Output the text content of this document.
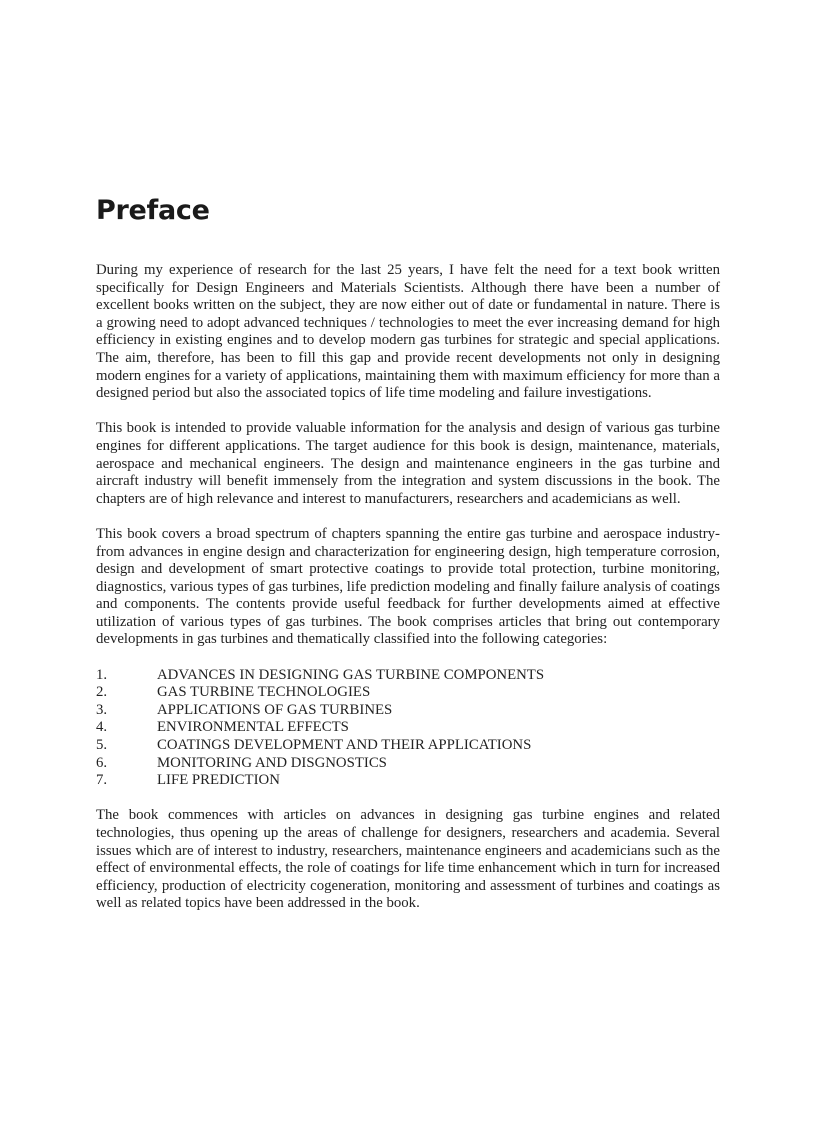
Preface

During my experience of research for the last 25 years, I have felt the need for a text book written specifically for Design Engineers and Materials Scientists. Although there have been a number of excellent books written on the subject, they are now either out of date or fundamental in nature. There is a growing need to adopt advanced techniques / technologies to meet the ever increasing demand for high efficiency in existing engines and to develop modern gas turbines for strategic and special applications. The aim, therefore, has been to fill this gap and provide recent developments not only in designing modern engines for a variety of applications, maintaining them with maximum efficiency for more than a designed period but also the associated topics of life time modeling and failure investigations.

This book is intended to provide valuable information for the analysis and design of various gas turbine engines for different applications. The target audience for this book is design, maintenance, materials, aerospace and mechanical engineers. The design and maintenance engineers in the gas turbine and aircraft industry will benefit immensely from the integration and system discussions in the book. The chapters are of high relevance and interest to manufacturers, researchers and academicians as well.

This book covers a broad spectrum of chapters spanning the entire gas turbine and aerospace industry- from advances in engine design and characterization for engineering design, high temperature corrosion, design and development of smart protective coatings to provide total protection, turbine monitoring, diagnostics, various types of gas turbines, life prediction modeling and finally failure analysis of coatings and components. The contents provide useful feedback for further developments aimed at effective utilization of various types of gas turbines. The book comprises articles that bring out contemporary developments in gas turbines and thematically classified into the following categories:

1.	ADVANCES IN DESIGNING GAS TURBINE COMPONENTS
2.	GAS TURBINE TECHNOLOGIES
3.	APPLICATIONS OF GAS TURBINES
4.	ENVIRONMENTAL EFFECTS
5.	COATINGS DEVELOPMENT AND THEIR APPLICATIONS
6.	MONITORING AND DISGNOSTICS
7.	LIFE PREDICTION

The book commences with articles on advances in designing gas turbine engines and related technologies, thus opening up the areas of challenge for designers, researchers and academia. Several issues which are of interest to industry, researchers, maintenance engineers and academicians such as the effect of environmental effects, the role of coatings for life time enhancement which in turn for increased efficiency, production of electricity cogeneration, monitoring and assessment of turbines and coatings as well as related topics have been addressed in the book.
